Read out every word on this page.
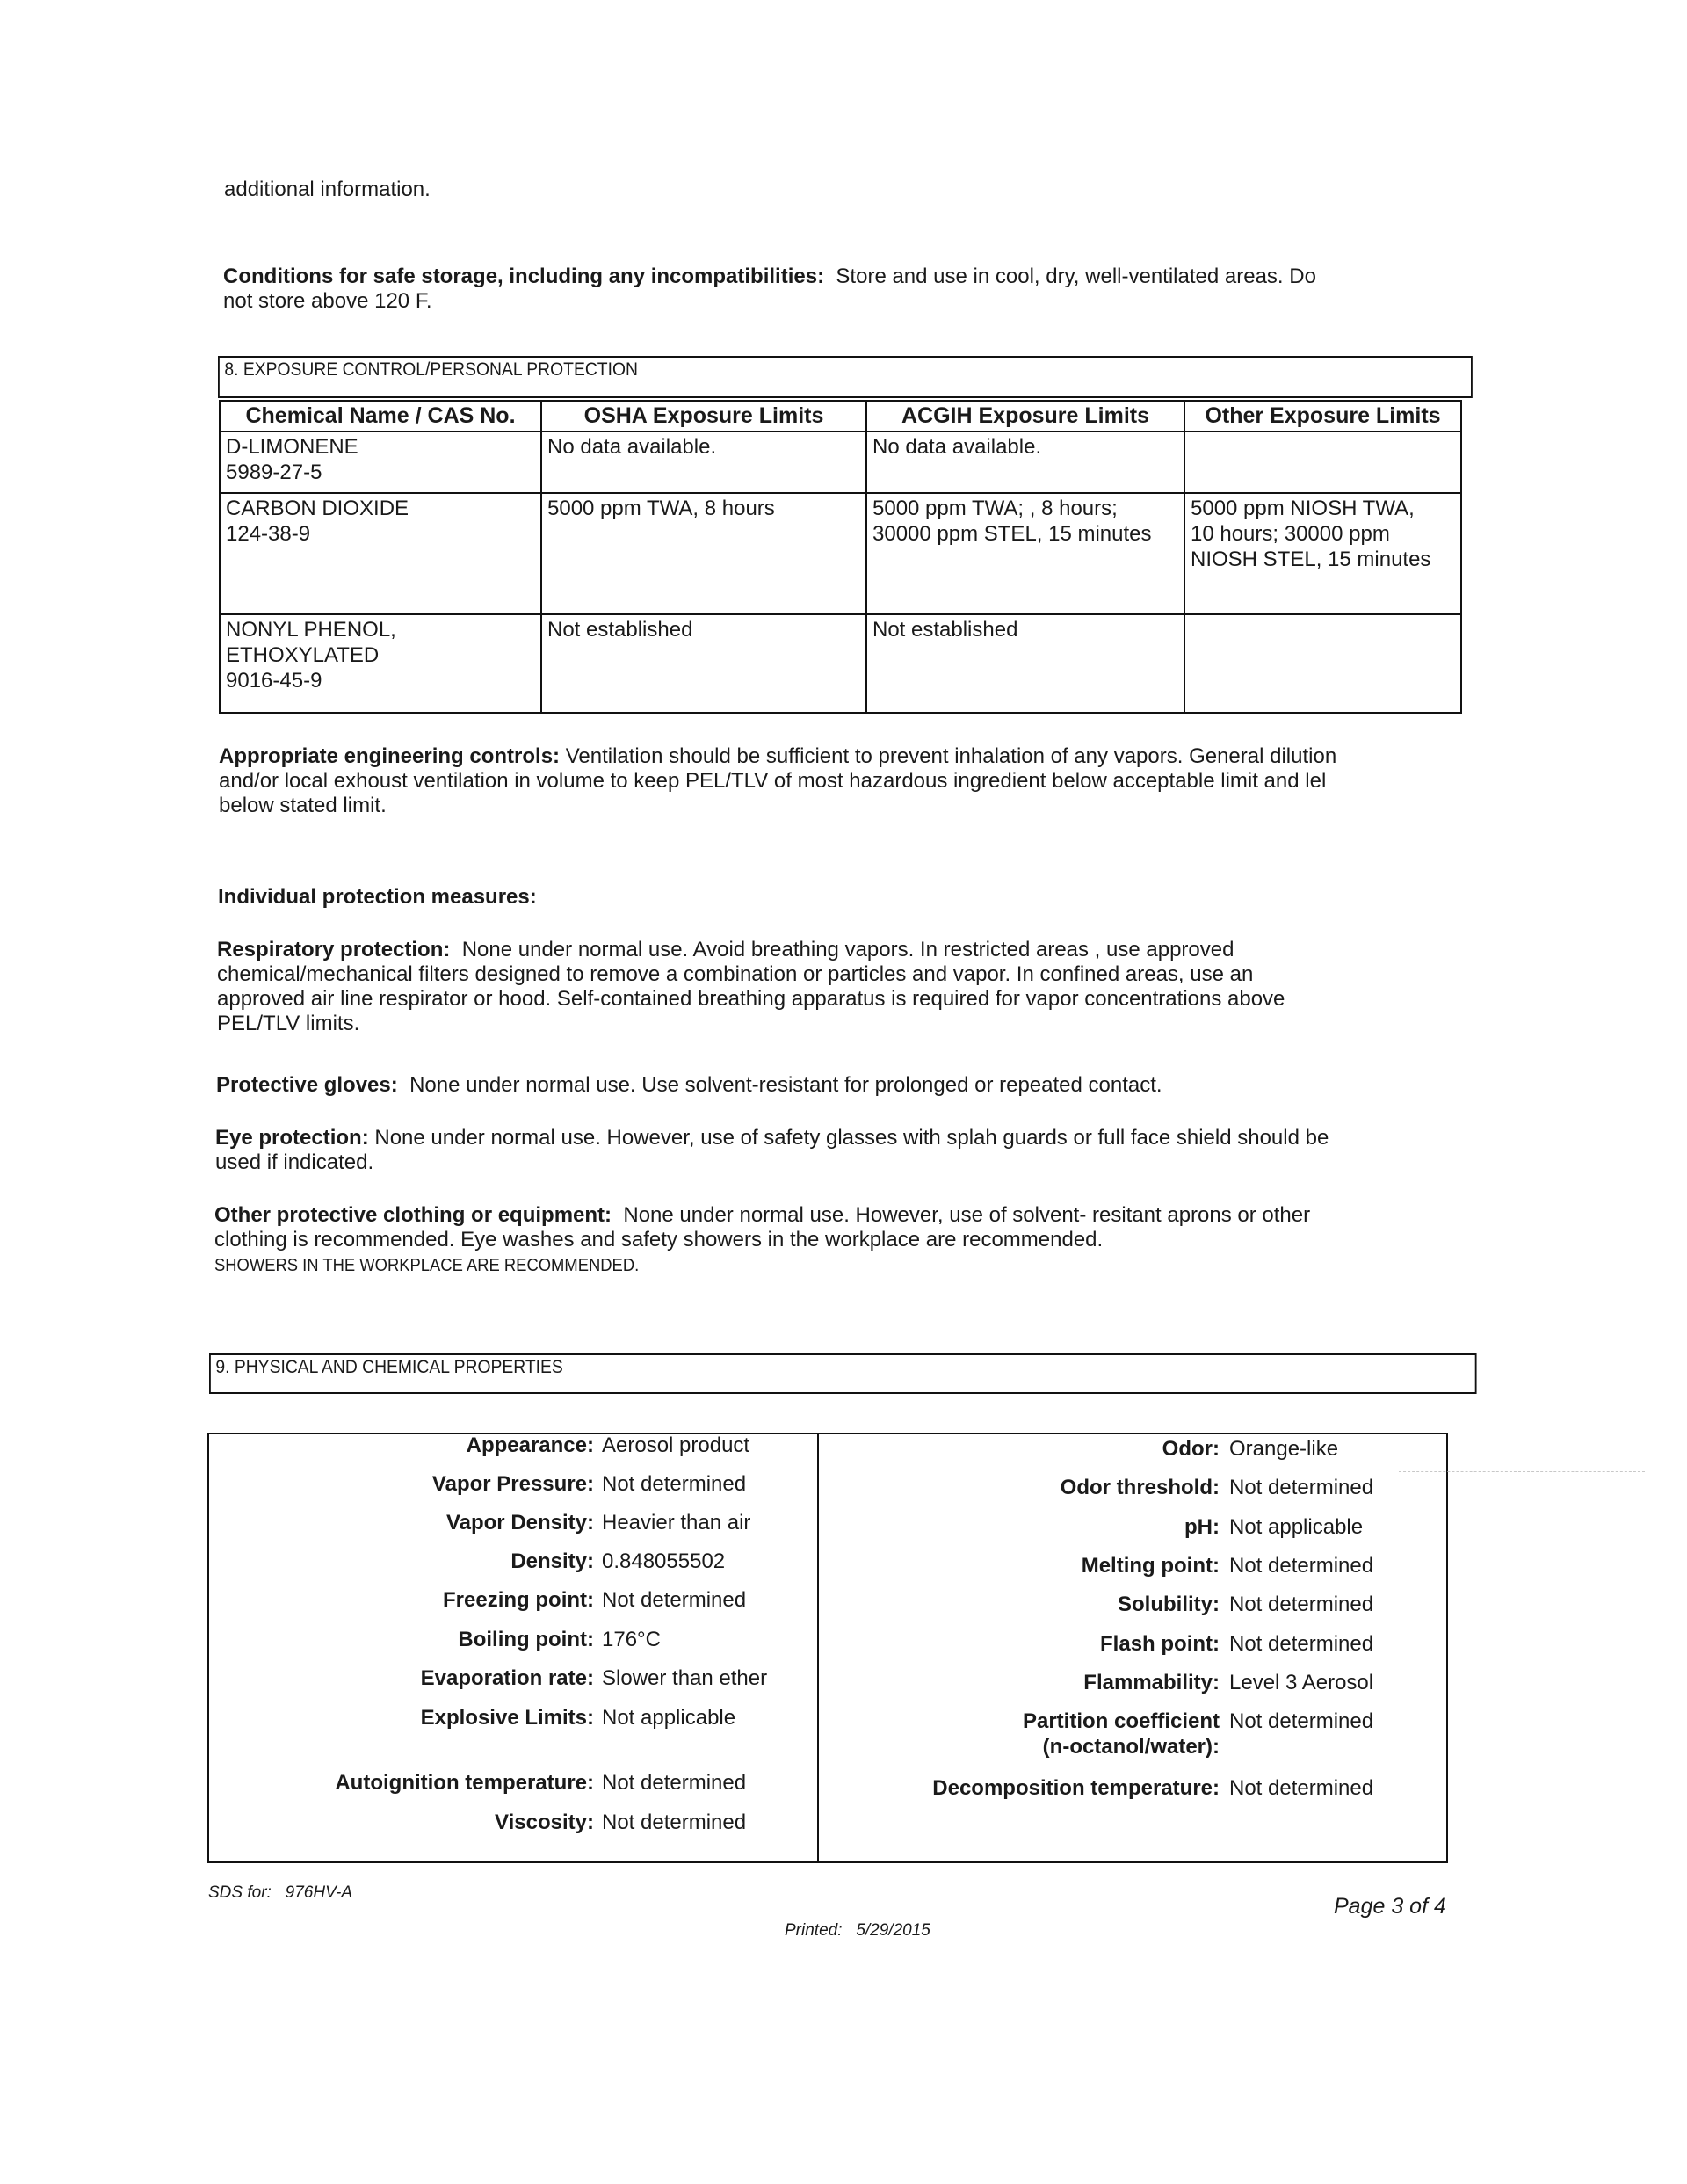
additional information.
Conditions for safe storage, including any incompatibilities: Store and use in cool, dry, well-ventilated areas. Do
not store above 120 F.
8. EXPOSURE CONTROL/PERSONAL PROTECTION
Chemical Name / CAS No.	OSHA Exposure Limits	ACGIH Exposure Limits	Other Exposure Limits

D-LIMONENE
5989-27-5	No data available.	No data available.	

CARBON DIOXIDE
124-38-9	5000 ppm TWA, 8 hours	5000 ppm TWA; , 8 hours;
30000 ppm STEL, 15 minutes	5000 ppm NIOSH TWA,
10 hours; 30000 ppm
NIOSH STEL, 15 minutes

NONYL PHENOL,
ETHOXYLATED
9016-45-9	Not established	Not established	

Appropriate engineering controls: Ventilation should be sufficient to prevent inhalation of any vapors. General dilution
and/or local exhoust ventilation in volume to keep PEL/TLV of most hazardous ingredient below acceptable limit and lel
below stated limit.
Individual protection measures:
Respiratory protection: None under normal use. Avoid breathing vapors. In restricted areas , use approved
chemical/mechanical filters designed to remove a combination or particles and vapor. In confined areas, use an
approved air line respirator or hood. Self-contained breathing apparatus is required for vapor concentrations above
PEL/TLV limits.
Protective gloves: None under normal use. Use solvent-resistant for prolonged or repeated contact.
Eye protection: None under normal use. However, use of safety glasses with splah guards or full face shield should be
used if indicated.
Other protective clothing or equipment: None under normal use. However, use of solvent- resitant aprons or other
clothing is recommended. Eye washes and safety showers in the workplace are recommended.
SHOWERS IN THE WORKPLACE ARE RECOMMENDED.
9. PHYSICAL AND CHEMICAL PROPERTIES
Appearance: Aerosol product
Vapor Pressure: Not determined
Vapor Density: Heavier than air
Density: 0.848055502
Freezing point: Not determined
Boiling point: 176°C
Evaporation rate: Slower than ether
Explosive Limits: Not applicable
Autoignition temperature: Not determined
Viscosity: Not determined
Odor: Orange-like
Odor threshold: Not determined
pH: Not applicable
Melting point: Not determined
Solubility: Not determined
Flash point: Not determined
Flammability: Level 3 Aerosol
Partition coefficient
(n-octanol/water):
Not determined
Decomposition temperature: Not determined
SDS for: 976HV-A
Page 3 of 4
Printed: 5/29/2015
